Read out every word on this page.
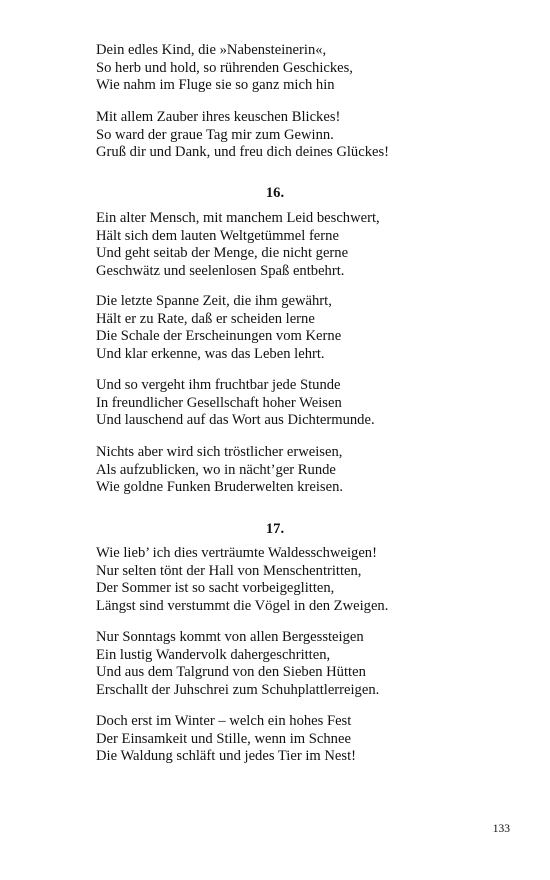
Dein edles Kind, die »Nabensteinerin«,
So herb und hold, so rührenden Geschickes,
Wie nahm im Fluge sie so ganz mich hin
Mit allem Zauber ihres keuschen Blickes!
So ward der graue Tag mir zum Gewinn.
Gruß dir und Dank, und freu dich deines Glückes!
16.
Ein alter Mensch, mit manchem Leid beschwert,
Hält sich dem lauten Weltgetümmel ferne
Und geht seitab der Menge, die nicht gerne
Geschwätz und seelenlosen Spaß entbehrt.
Die letzte Spanne Zeit, die ihm gewährt,
Hält er zu Rate, daß er scheiden lerne
Die Schale der Erscheinungen vom Kerne
Und klar erkenne, was das Leben lehrt.
Und so vergeht ihm fruchtbar jede Stunde
In freundlicher Gesellschaft hoher Weisen
Und lauschend auf das Wort aus Dichtermunde.
Nichts aber wird sich tröstlicher erweisen,
Als aufzublicken, wo in nächt’ger Runde
Wie goldne Funken Bruderwelten kreisen.
17.
Wie lieb’ ich dies verträumte Waldesschweigen!
Nur selten tönt der Hall von Menschentritten,
Der Sommer ist so sacht vorbeigeglitten,
Längst sind verstummt die Vögel in den Zweigen.
Nur Sonntags kommt von allen Bergessteigen
Ein lustig Wandervolk dahergeschritten,
Und aus dem Talgrund von den Sieben Hütten
Erschallt der Juhschrei zum Schuhplattlerreigen.
Doch erst im Winter – welch ein hohes Fest
Der Einsamkeit und Stille, wenn im Schnee
Die Waldung schläft und jedes Tier im Nest!
133
